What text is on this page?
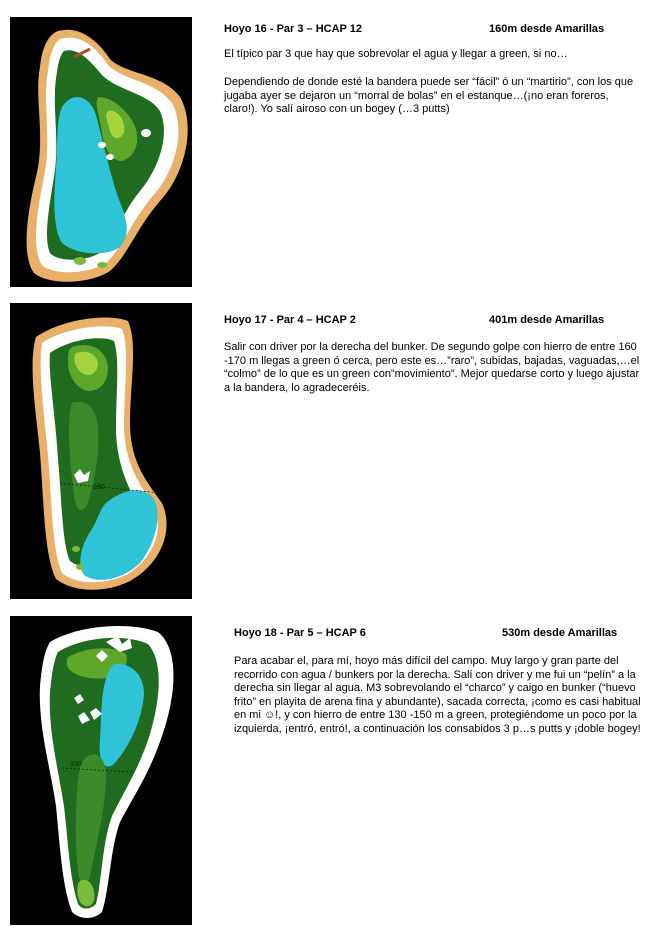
Hoyo 16 - Par 3 – HCAP 12	160m desde Amarillas

El típico par 3 que hay que sobrevolar el agua y llegar a green, si no…

Dependiendo de donde esté la bandera puede ser “fácil” ó un “martirio”, con los que jugaba ayer se dejaron un “morral de bolas” en el estanque…(¡no eran foreros, claro!). Yo salí airoso con un bogey (…3 putts)

190
Hoyo 17 - Par 4 – HCAP 2	401m desde Amarillas

Salir con driver por la derecha del bunker. De segundo golpe con hierro de entre 160 -170 m llegas a green ó cerca, pero este es…”raro”, subidas, bajadas, vaguadas,…el “colmo” de lo que es un green con”movimiento”. Mejor quedarse corto y luego ajustar a la bandera, lo agradeceréis.

330
Hoyo 18 - Par 5 – HCAP 6	530m desde Amarillas

Para acabar el, para mí, hoyo más difícil del campo. Muy largo y gran parte del recorrido con agua / bunkers por la derecha. Salí con driver y me fui un “pelín” a la derecha sin llegar al agua. M3 sobrevolando el “charco” y caigo en bunker (“huevo frito” en playita de arena fina y abundante), sacada correcta, ¡como es casi habitual en mi ☺!, y con hierro de entre 130 -150 m a green, protegiéndome un poco por la izquierda, ¡entró, entró!, a continuación los consabidos 3 p…s putts y ¡doble bogey!
